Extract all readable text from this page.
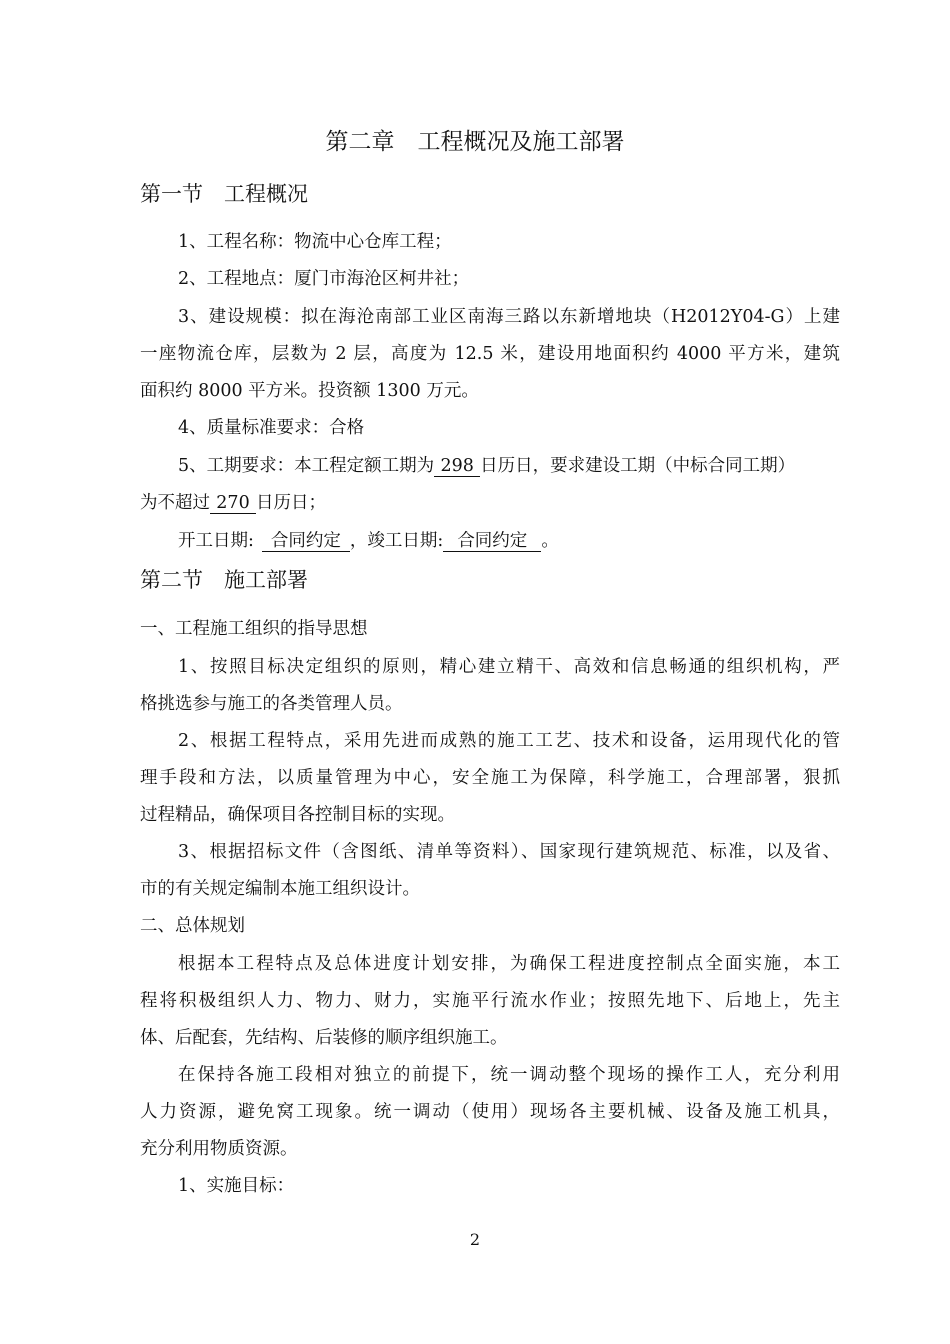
第二章　工程概况及施工部署
第一节　工程概况
1、工程名称：物流中心仓库工程；
2、工程地点：厦门市海沧区柯井社；
3、建设规模：拟在海沧南部工业区南海三路以东新增地块（H2012Y04-G）上建
一座物流仓库，层数为 2 层，高度为 12.5 米，建设用地面积约 4000 平方米，建筑
面积约 8000 平方米。投资额 1300 万元。
4、质量标准要求：合格
5、工期要求：本工程定额工期为 298 日历日，要求建设工期（中标合同工期）
为不超过 270 日历日；
开工日期: 合同约定 ，竣工日期: 合同约定 。
第二节　施工部署
一、工程施工组织的指导思想
1、按照目标决定组织的原则，精心建立精干、高效和信息畅通的组织机构，严
格挑选参与施工的各类管理人员。
2、根据工程特点，采用先进而成熟的施工工艺、技术和设备，运用现代化的管
理手段和方法，以质量管理为中心，安全施工为保障，科学施工，合理部署，狠抓
过程精品，确保项目各控制目标的实现。
3、根据招标文件（含图纸、清单等资料）、国家现行建筑规范、标准，以及省、
市的有关规定编制本施工组织设计。
二、总体规划
根据本工程特点及总体进度计划安排，为确保工程进度控制点全面实施，本工
程将积极组织人力、物力、财力，实施平行流水作业；按照先地下、后地上，先主
体、后配套，先结构、后装修的顺序组织施工。
在保持各施工段相对独立的前提下，统一调动整个现场的操作工人，充分利用
人力资源，避免窝工现象。统一调动（使用）现场各主要机械、设备及施工机具，
充分利用物质资源。
1、实施目标：
2
